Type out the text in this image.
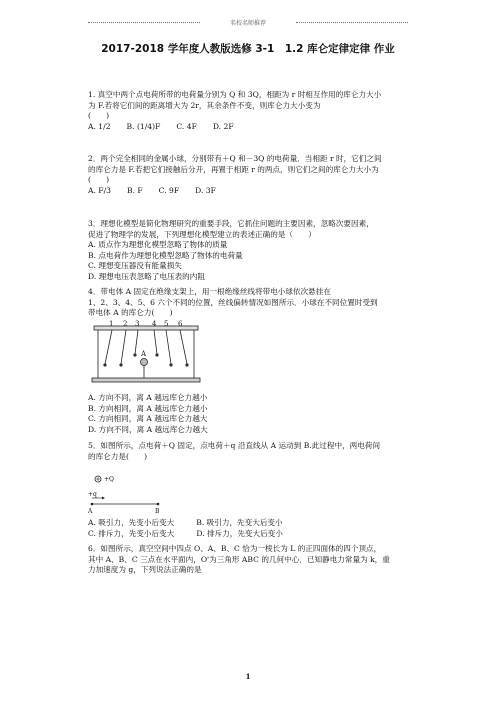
名校名师推荐
2017-2018 学年度人教版选修 3-1　1.2 库仑定律定律 作业

1. 真空中两个点电荷所带的电荷量分别为 Q 和 3Q，相距为 r 时相互作用的库仑力大小

为 F.若将它们间的距离增大为 2r，其余条件不变，则库仑力大小变为

(　　)

A. 1/2 B. (1/4)F C. 4F D. 2F

2．两个完全相同的金属小球，分别带有＋Q 和－3Q 的电荷量．当相距 r 时，它们之间

的库仑力是 F.若把它们接触后分开，再置于相距 r 的两点，则它们之间的库仑力大小为

(　　)

A. F/3 B. F C. 9F D. 3F

3．理想化模型是简化物理研究的重要手段，它抓住问题的主要因素，忽略次要因素，

促进了物理学的发展，下列理想化模型建立的表述正确的是（　　）

A. 质点作为理想化模型忽略了物体的质量

B. 点电荷作为理想化模型忽略了物体的电荷量

C. 理想变压器没有能量损失

D. 理想电压表忽略了电压表的内阻

4．带电体 A 固定在绝缘支架上，用一根绝缘丝线将带电小球依次悬挂在

1、2、3、4、5、6 六个不同的位置，丝线偏转情况如图所示．小球在不同位置时受到

带电体 A 的库仑力(　　)

1 2 3 4 5 6
A

A. 方向不同，离 A 越远库仑力越小

B. 方向相同，离 A 越远库仑力越小

C. 方向相同，离 A 越远库仑力越大

D. 方向不同，离 A 越远库仑力越大

5．如图所示，点电荷＋Q 固定，点电荷＋q 沿直线从 A 运动到 B.此过程中，两电荷间

的库仑力是(　　)

+Q
+q
A	B

A. 吸引力，先变小后变大	B. 吸引力，先变大后变小

C. 排斥力，先变小后变大	D. 排斥力，先变大后变小

6．如图所示，真空空间中四点 O、A、B、C 恰为一棱长为 L 的正四面体的四个顶点，

其中 A、B、C 三点在水平面内，O'为三角形 ABC 的几何中心．已知静电力常量为 k，重

力加速度为 g，下列说法正确的是

1
